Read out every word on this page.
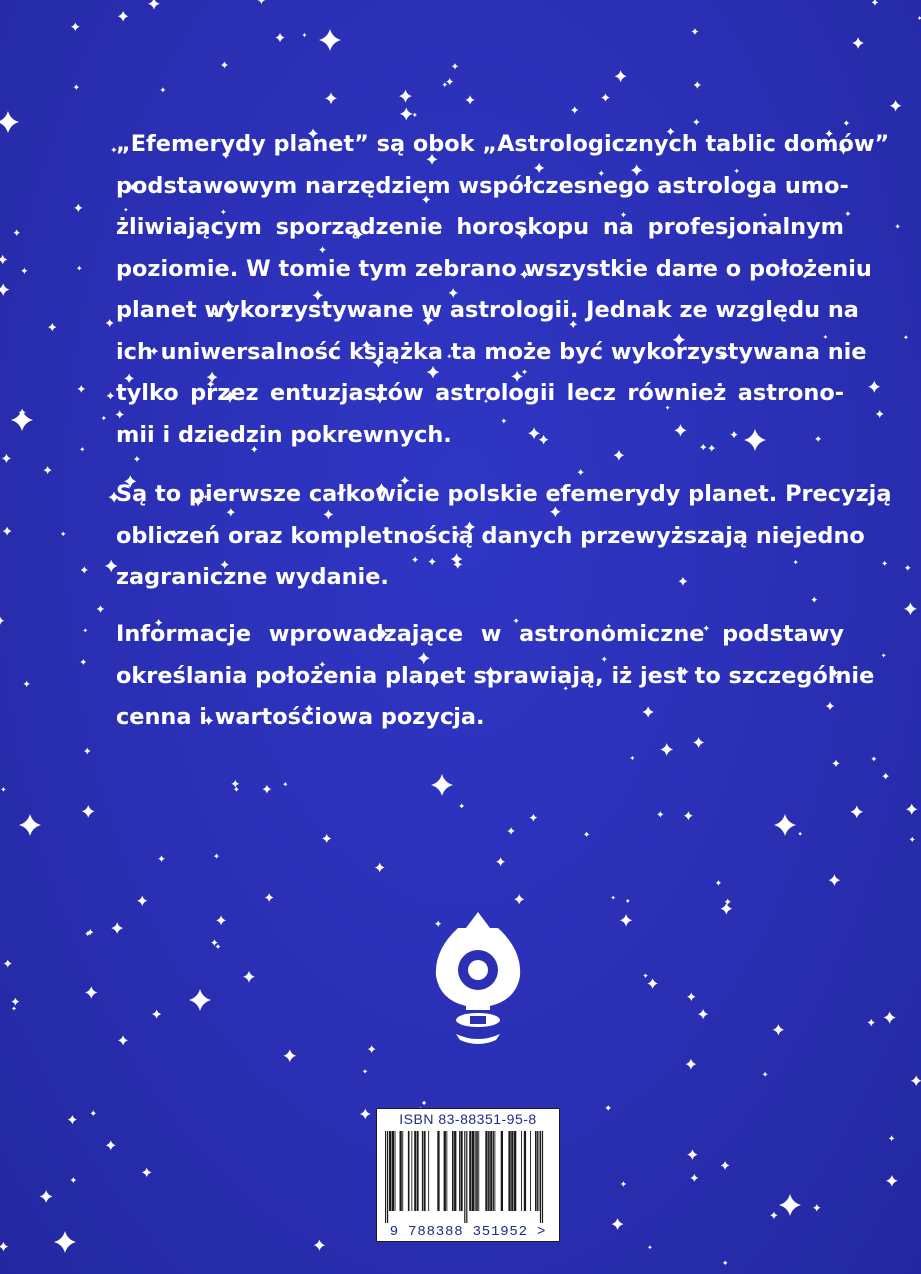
„Efemerydy planet” są obok „Astrologicznych tablic domów”
podstawowym narzędziem współczesnego astrologa umo-
żliwiającym sporządzenie horoskopu na profesjonalnym
poziomie. W tomie tym zebrano wszystkie dane o położeniu
planet wykorzystywane w astrologii. Jednak ze względu na
ich uniwersalność książka ta może być wykorzystywana nie
tylko przez entuzjastów astrologii lecz również astrono-
mii i dziedzin pokrewnych.
Są to pierwsze całkowicie polskie efemerydy planet. Precyzją
obliczeń oraz kompletnością danych przewyższają niejedno
zagraniczne wydanie.
Informacje wprowadzające w astronomiczne podstawy
określania położenia planet sprawiają, iż jest to szczególnie
cenna i wartościowa pozycja.
ISBN 83-88351-95-8
9 788388 351952 >
